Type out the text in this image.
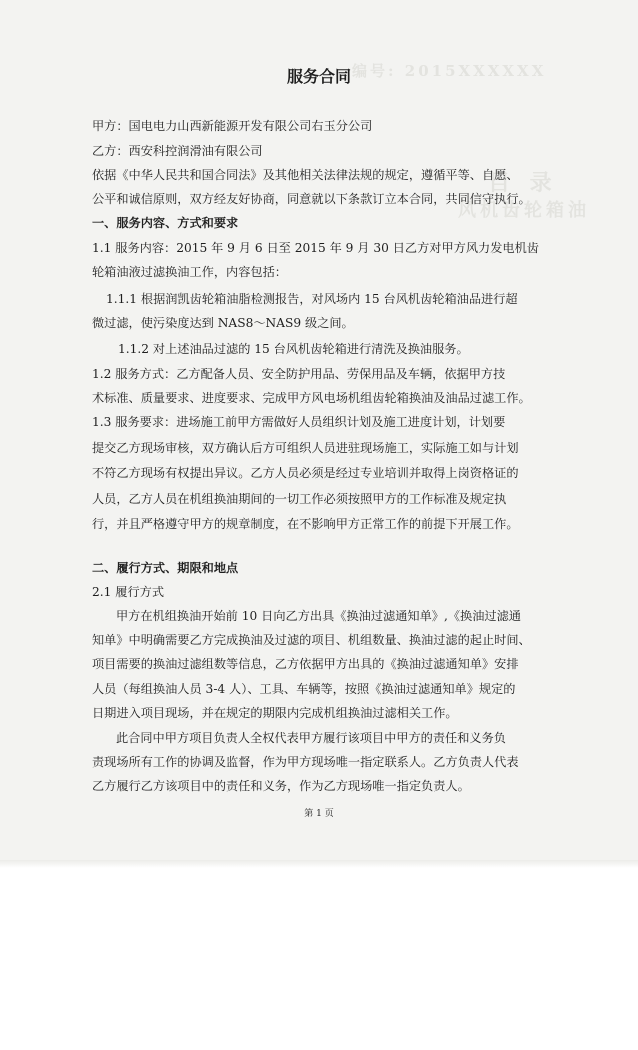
编号: 2015XXXXXX
目 录
风机齿轮箱油
服务合同
甲方：国电电力山西新能源开发有限公司右玉分公司
乙方：西安科控润滑油有限公司
依据《中华人民共和国合同法》及其他相关法律法规的规定，遵循平等、自愿、
公平和诚信原则，双方经友好协商，同意就以下条款订立本合同，共同信守执行。
一、服务内容、方式和要求
1.1 服务内容：2015 年 9 月 6 日至 2015 年 9 月 30 日乙方对甲方风力发电机齿
轮箱油液过滤换油工作，内容包括：
1.1.1 根据润凯齿轮箱油脂检测报告，对风场内 15 台风机齿轮箱油品进行超
微过滤，使污染度达到 NAS8～NAS9 级之间。
1.1.2 对上述油品过滤的 15 台风机齿轮箱进行清洗及换油服务。
1.2 服务方式：乙方配备人员、安全防护用品、劳保用品及车辆，依据甲方技
术标准、质量要求、进度要求、完成甲方风电场机组齿轮箱换油及油品过滤工作。
1.3 服务要求：进场施工前甲方需做好人员组织计划及施工进度计划，计划要
提交乙方现场审核，双方确认后方可组织人员进驻现场施工，实际施工如与计划
不符乙方现场有权提出异议。乙方人员必须是经过专业培训并取得上岗资格证的
人员，乙方人员在机组换油期间的一切工作必须按照甲方的工作标准及规定执
行，并且严格遵守甲方的规章制度，在不影响甲方正常工作的前提下开展工作。
二、履行方式、期限和地点
2.1 履行方式
甲方在机组换油开始前 10 日向乙方出具《换油过滤通知单》,《换油过滤通
知单》中明确需要乙方完成换油及过滤的项目、机组数量、换油过滤的起止时间、
项目需要的换油过滤组数等信息，乙方依据甲方出具的《换油过滤通知单》安排
人员（每组换油人员 3-4 人）、工具、车辆等，按照《换油过滤通知单》规定的
日期进入项目现场，并在规定的期限内完成机组换油过滤相关工作。
此合同中甲方项目负责人全权代表甲方履行该项目中甲方的责任和义务负
责现场所有工作的协调及监督，作为甲方现场唯一指定联系人。乙方负责人代表
乙方履行乙方该项目中的责任和义务，作为乙方现场唯一指定负责人。
第 1 页
